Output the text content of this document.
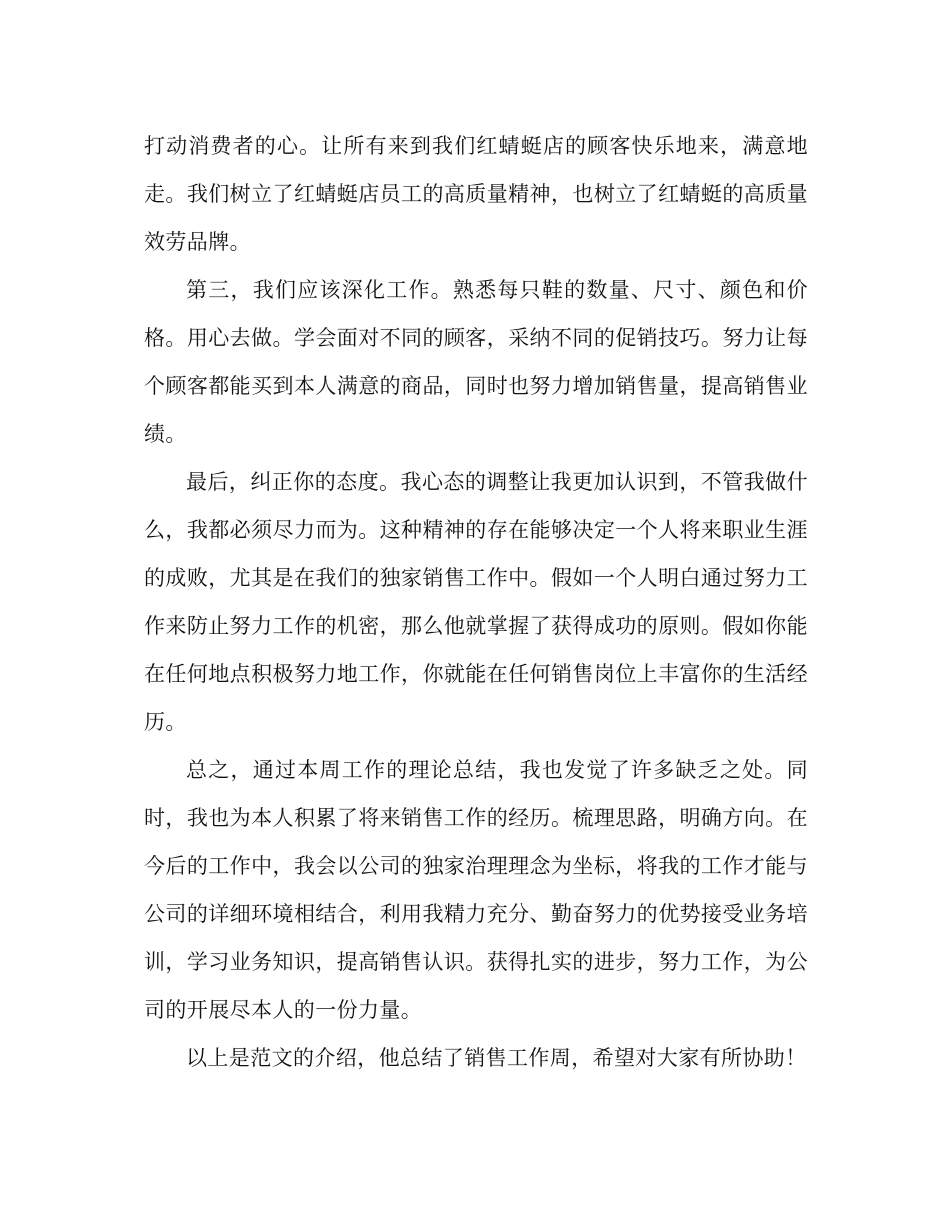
打动消费者的心。让所有来到我们红蜻蜓店的顾客快乐地来，满意地走。我们树立了红蜻蜓店员工的高质量精神，也树立了红蜻蜓的高质量效劳品牌。

第三，我们应该深化工作。熟悉每只鞋的数量、尺寸、颜色和价格。用心去做。学会面对不同的顾客，采纳不同的促销技巧。努力让每个顾客都能买到本人满意的商品，同时也努力增加销售量，提高销售业绩。

最后，纠正你的态度。我心态的调整让我更加认识到，不管我做什么，我都必须尽力而为。这种精神的存在能够决定一个人将来职业生涯的成败，尤其是在我们的独家销售工作中。假如一个人明白通过努力工作来防止努力工作的机密，那么他就掌握了获得成功的原则。假如你能在任何地点积极努力地工作，你就能在任何销售岗位上丰富你的生活经历。

总之，通过本周工作的理论总结，我也发觉了许多缺乏之处。同时，我也为本人积累了将来销售工作的经历。梳理思路，明确方向。在今后的工作中，我会以公司的独家治理理念为坐标，将我的工作才能与公司的详细环境相结合，利用我精力充分、勤奋努力的优势接受业务培训，学习业务知识，提高销售认识。获得扎实的进步，努力工作，为公司的开展尽本人的一份力量。

以上是范文的介绍，他总结了销售工作周，希望对大家有所协助！
